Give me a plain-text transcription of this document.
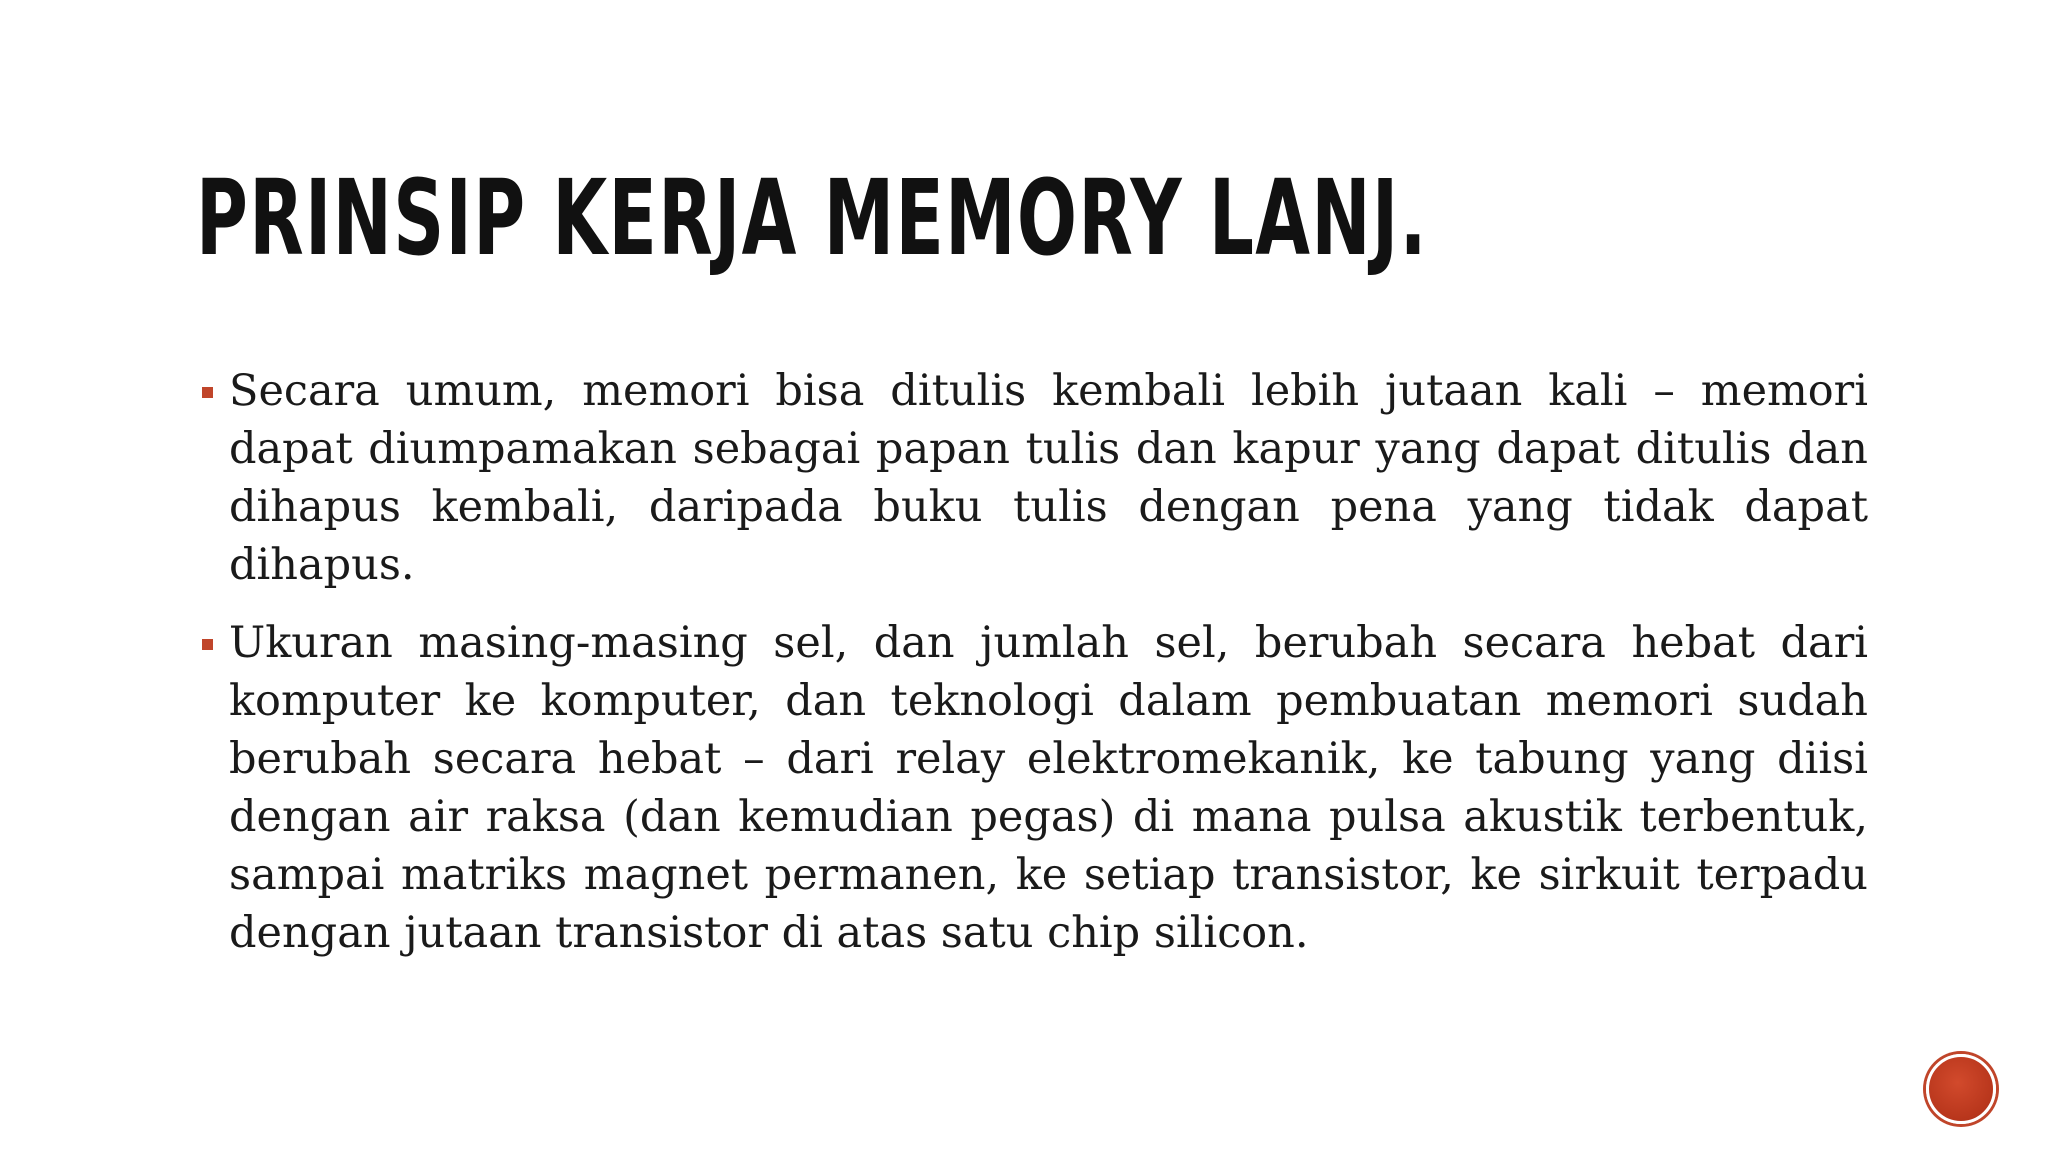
PRINSIP KERJA MEMORY LANJ.
Secara umum, memori bisa ditulis kembali lebih jutaan kali – memori dapat diumpamakan sebagai papan tulis dan kapur yang dapat ditulis dan dihapus kembali, daripada buku tulis dengan pena yang tidak dapat dihapus.
Ukuran masing-masing sel, dan jumlah sel, berubah secara hebat dari komputer ke komputer, dan teknologi dalam pembuatan memori sudah berubah secara hebat – dari relay elektromekanik, ke tabung yang diisi dengan air raksa (dan kemudian pegas) di mana pulsa akustik terbentuk, sampai matriks magnet permanen, ke setiap transistor, ke sirkuit terpadu dengan jutaan transistor di atas satu chip silicon.
